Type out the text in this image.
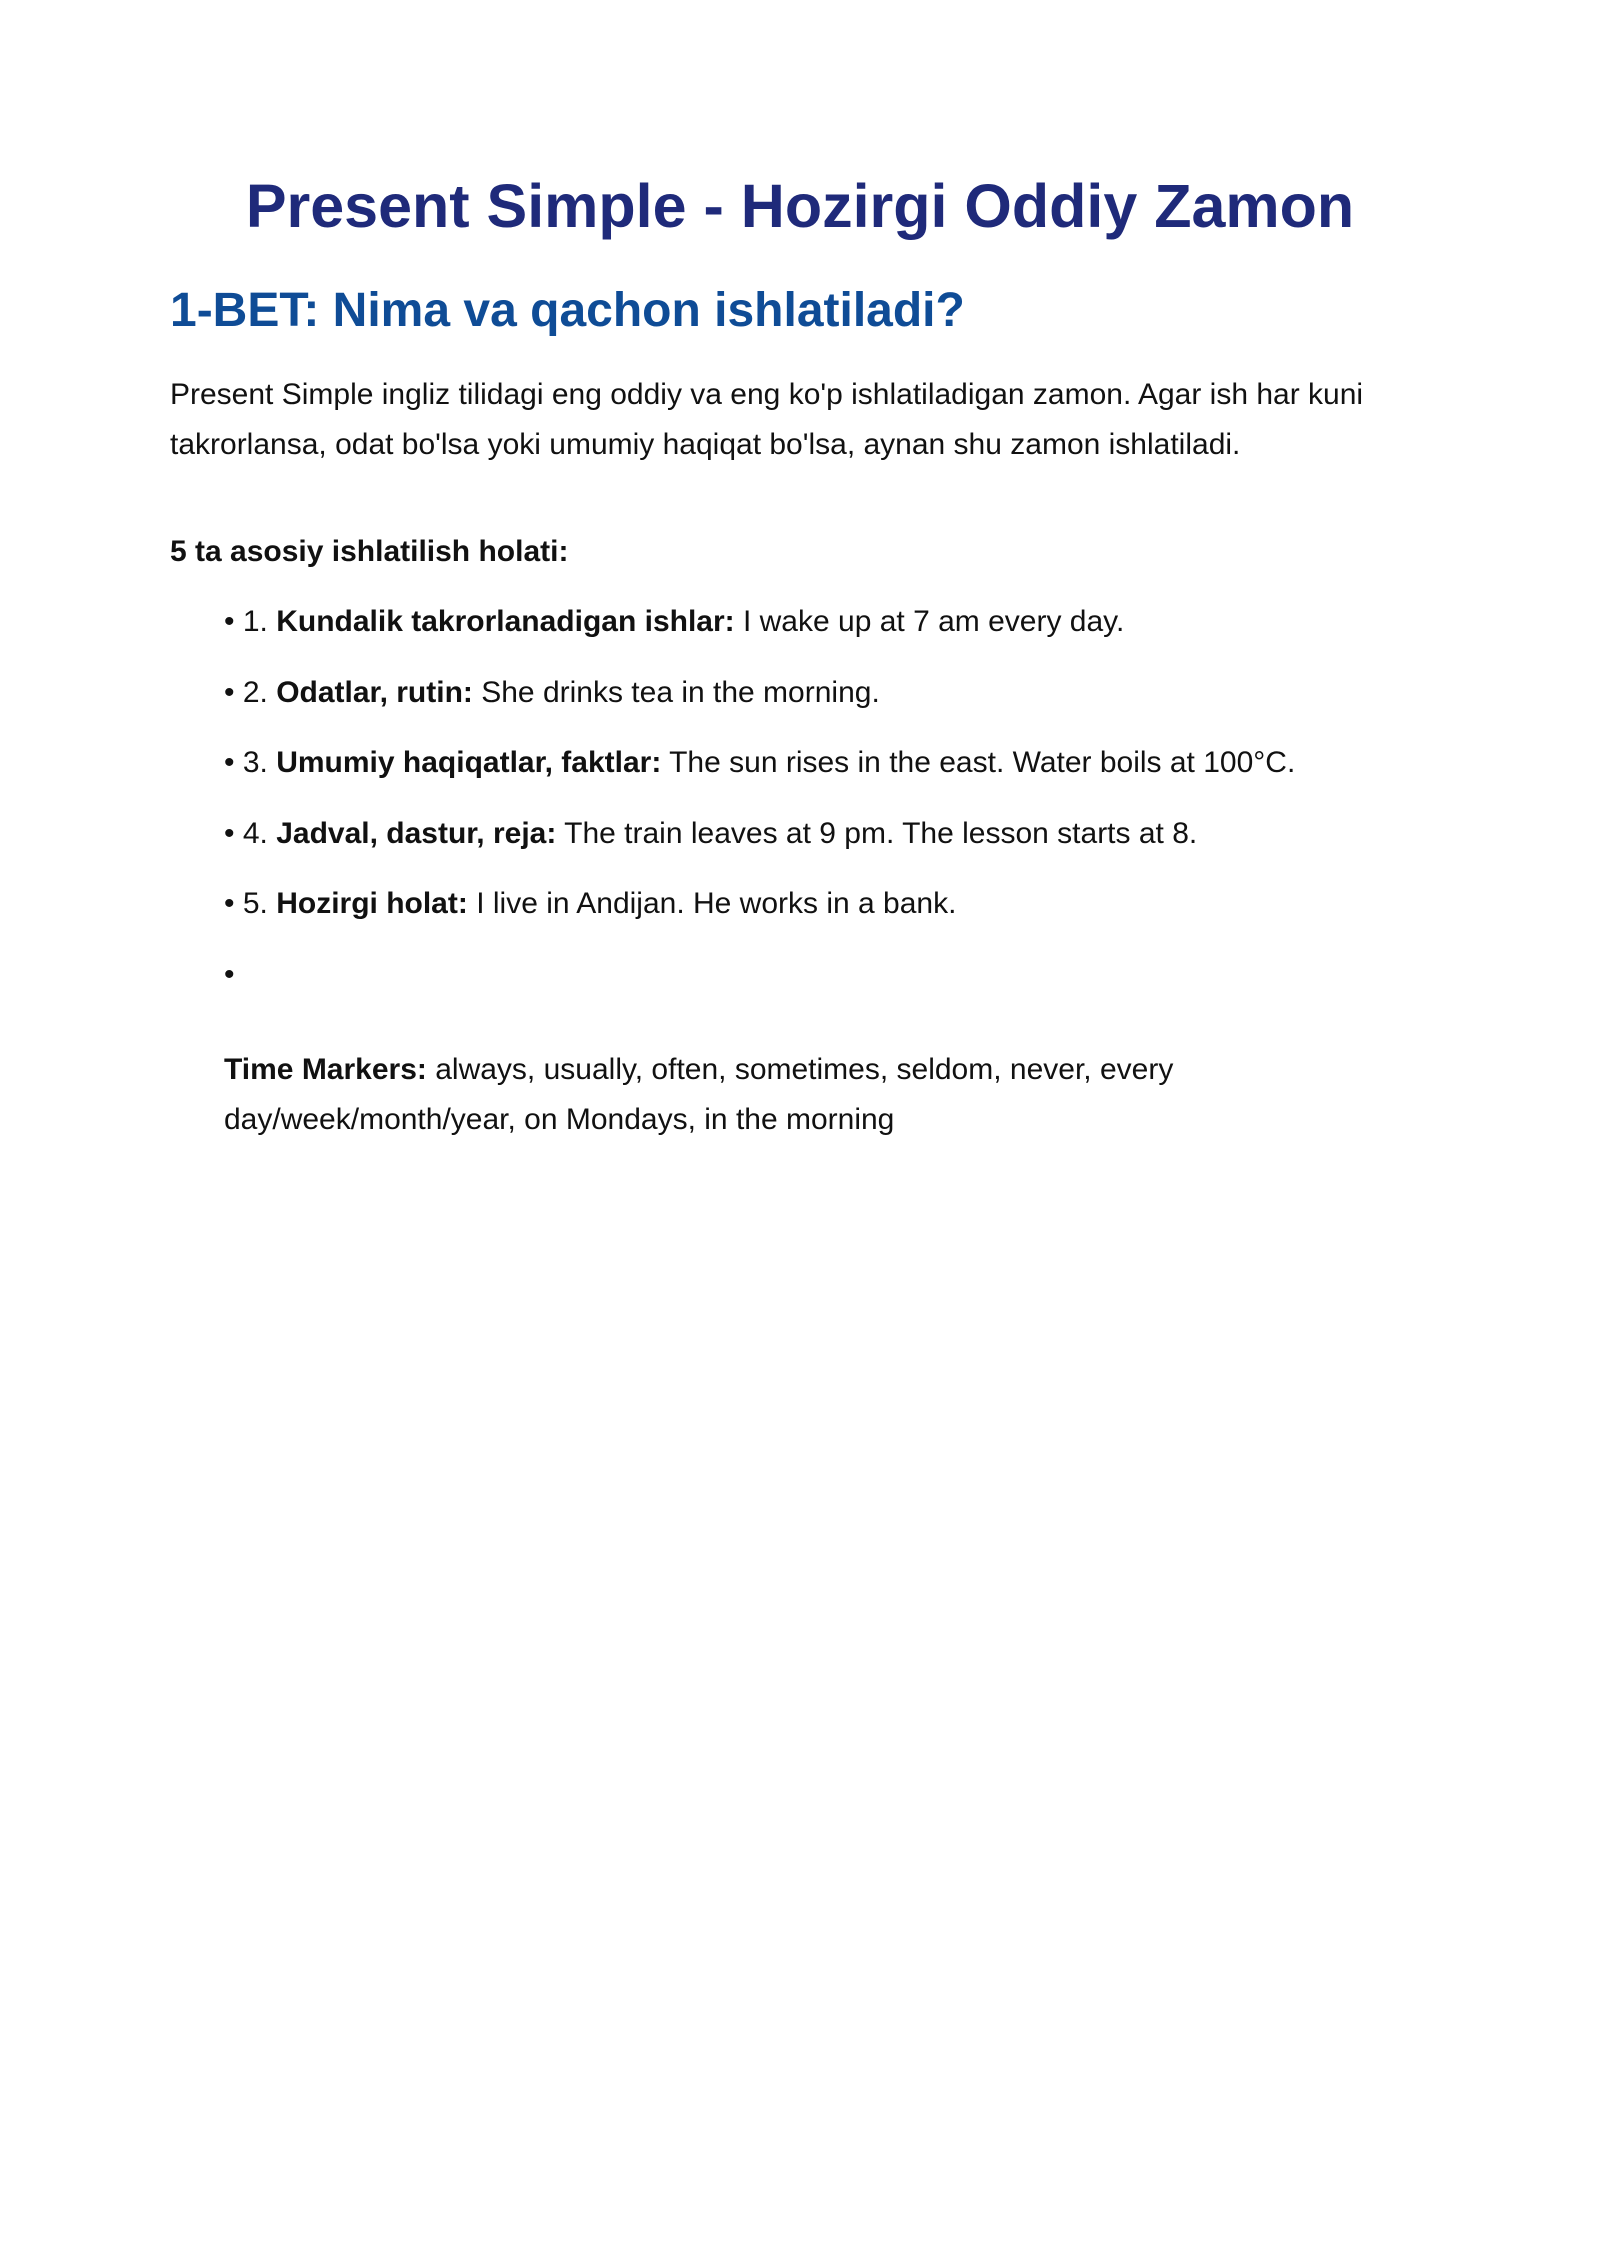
Present Simple - Hozirgi Oddiy Zamon
1-BET: Nima va qachon ishlatiladi?

Present Simple ingliz tilidagi eng oddiy va eng ko'p ishlatiladigan zamon. Agar ish har kuni takrorlansa, odat bo'lsa yoki umumiy haqiqat bo'lsa, aynan shu zamon ishlatiladi.

5 ta asosiy ishlatilish holati:

• 1. Kundalik takrorlanadigan ishlar: I wake up at 7 am every day.
• 2. Odatlar, rutin: She drinks tea in the morning.
• 3. Umumiy haqiqatlar, faktlar: The sun rises in the east. Water boils at 100°C.
• 4. Jadval, dastur, reja: The train leaves at 9 pm. The lesson starts at 8.
• 5. Hozirgi holat: I live in Andijan. He works in a bank.
•

Time Markers: always, usually, often, sometimes, seldom, never, every day/week/month/year, on Mondays, in the morning
